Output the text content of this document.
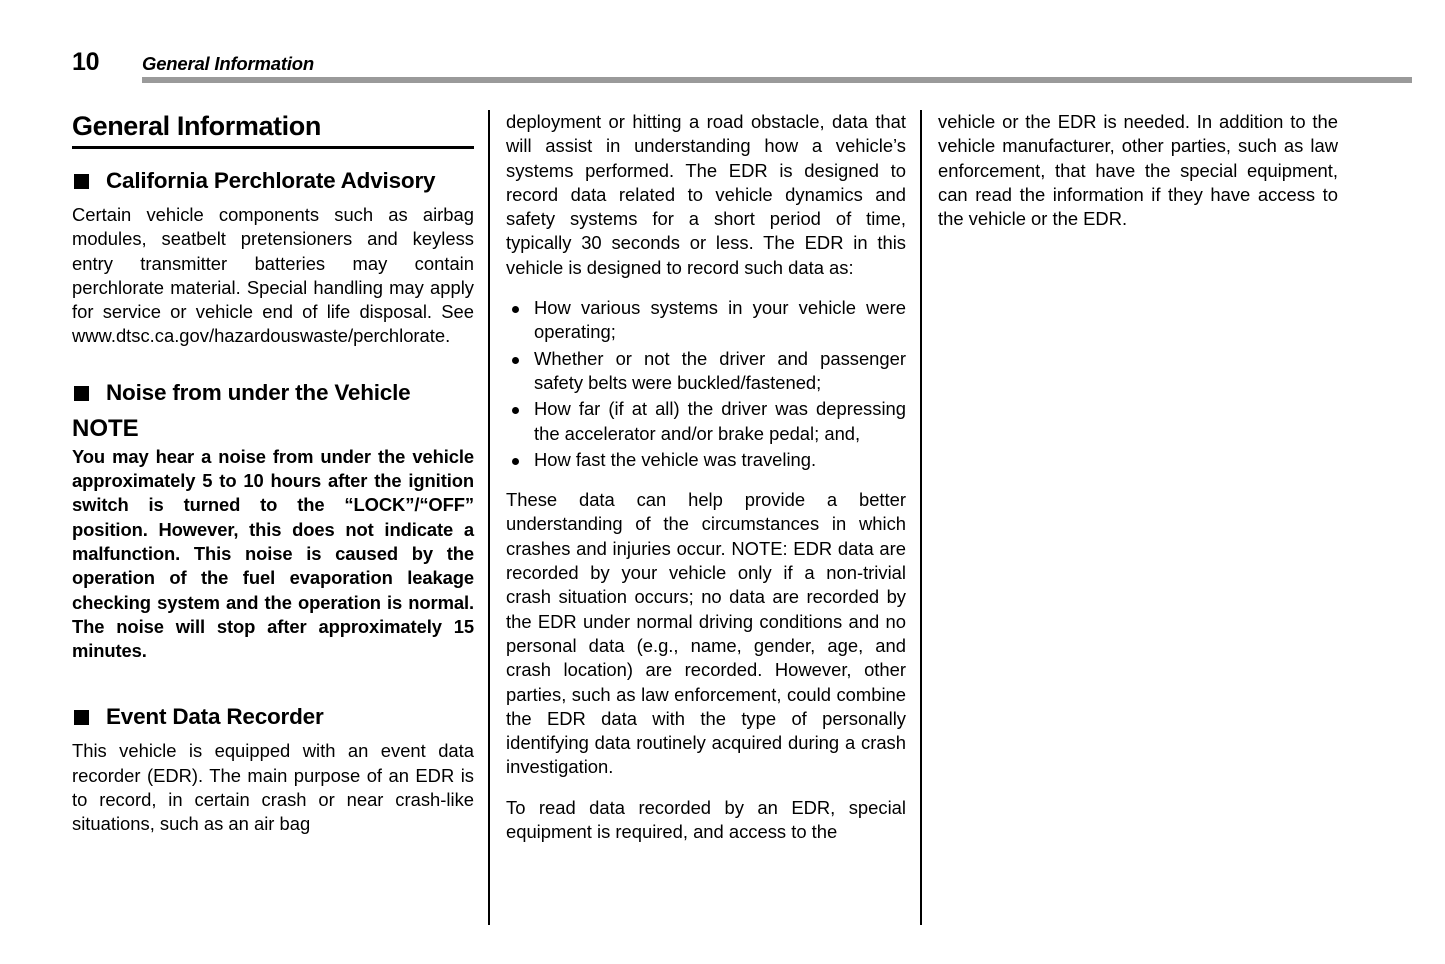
10 General Information
General Information
California Perchlorate Advisory

Certain vehicle components such as airbag modules, seatbelt pretensioners and keyless entry transmitter batteries may contain perchlorate material. Special handling may apply for service or vehicle end of life disposal. See www.dtsc.ca.gov/hazardouswaste/perchlorate.

Noise from under the Vehicle
NOTE

You may hear a noise from under the vehicle approximately 5 to 10 hours after the ignition switch is turned to the “LOCK”/“OFF” position. However, this does not indicate a malfunction. This noise is caused by the operation of the fuel evaporation leakage checking system and the operation is normal. The noise will stop after approximately 15 minutes.

Event Data Recorder

This vehicle is equipped with an event data recorder (EDR). The main purpose of an EDR is to record, in certain crash or near crash-like situations, such as an air bag

deployment or hitting a road obstacle, data that will assist in understanding how a vehicle’s systems performed. The EDR is designed to record data related to vehicle dynamics and safety systems for a short period of time, typically 30 seconds or less. The EDR in this vehicle is designed to record such data as:

How various systems in your vehicle were operating;
Whether or not the driver and passenger safety belts were buckled/fastened;
How far (if at all) the driver was depressing the accelerator and/or brake pedal; and,
How fast the vehicle was traveling.

These data can help provide a better understanding of the circumstances in which crashes and injuries occur. NOTE: EDR data are recorded by your vehicle only if a non-trivial crash situation occurs; no data are recorded by the EDR under normal driving conditions and no personal data (e.g., name, gender, age, and crash location) are recorded. However, other parties, such as law enforcement, could combine the EDR data with the type of personally identifying data routinely acquired during a crash investigation.

To read data recorded by an EDR, special equipment is required, and access to the

vehicle or the EDR is needed. In addition to the vehicle manufacturer, other parties, such as law enforcement, that have the special equipment, can read the information if they have access to the vehicle or the EDR.
